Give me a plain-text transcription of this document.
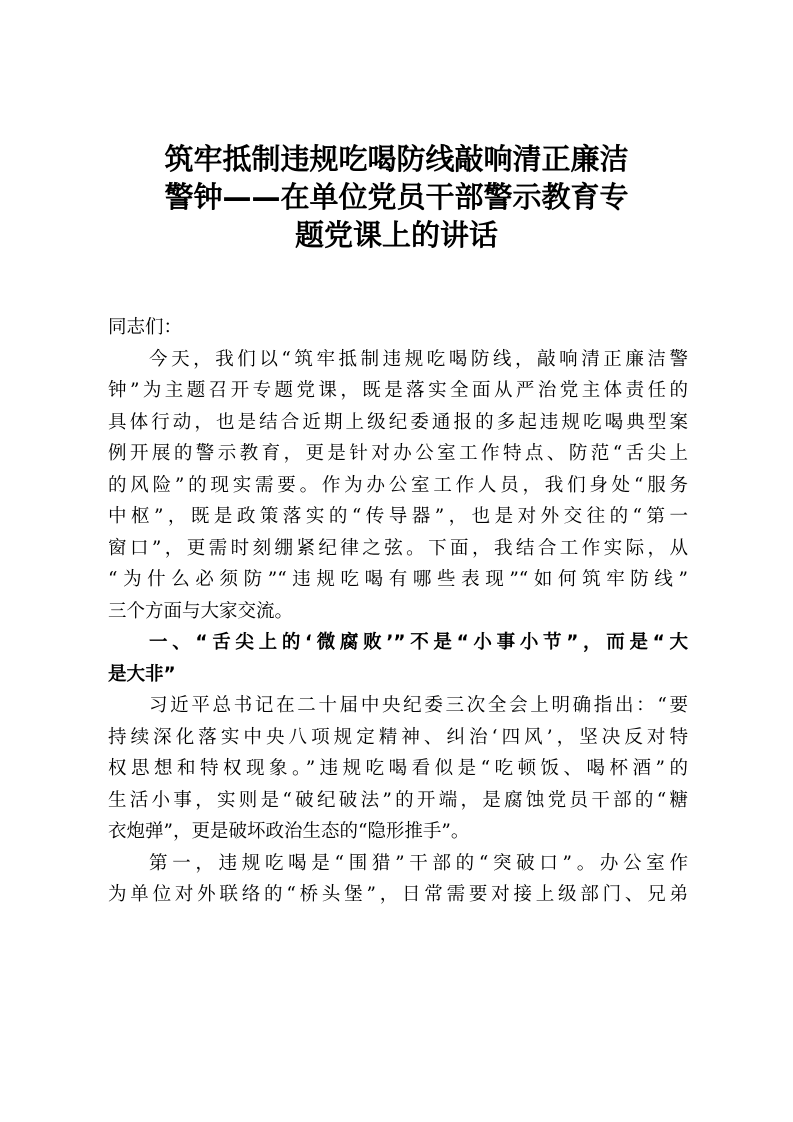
筑牢抵制违规吃喝防线敲响清正廉洁
警钟——在单位党员干部警示教育专
题党课上的讲话
同志们：
今天，我们以“筑牢抵制违规吃喝防线，敲响清正廉洁警
钟”为主题召开专题党课，既是落实全面从严治党主体责任的
具体行动，也是结合近期上级纪委通报的多起违规吃喝典型案
例开展的警示教育，更是针对办公室工作特点、防范“舌尖上
的风险”的现实需要。作为办公室工作人员，我们身处“服务
中枢”，既是政策落实的“传导器”，也是对外交往的“第一
窗口”，更需时刻绷紧纪律之弦。下面，我结合工作实际，从
“为什么必须防”“违规吃喝有哪些表现”“如何筑牢防线”
三个方面与大家交流。
一、“舌尖上的‘微腐败’”不是“小事小节”，而是“大
是大非”
习近平总书记在二十届中央纪委三次全会上明确指出：“要
持续深化落实中央八项规定精神、纠治‘四风’，坚决反对特
权思想和特权现象。”违规吃喝看似是“吃顿饭、喝杯酒”的
生活小事，实则是“破纪破法”的开端，是腐蚀党员干部的“糖
衣炮弹”，更是破坏政治生态的“隐形推手”。
第一，违规吃喝是“围猎”干部的“突破口”。办公室作
为单位对外联络的“桥头堡”，日常需要对接上级部门、兄弟
